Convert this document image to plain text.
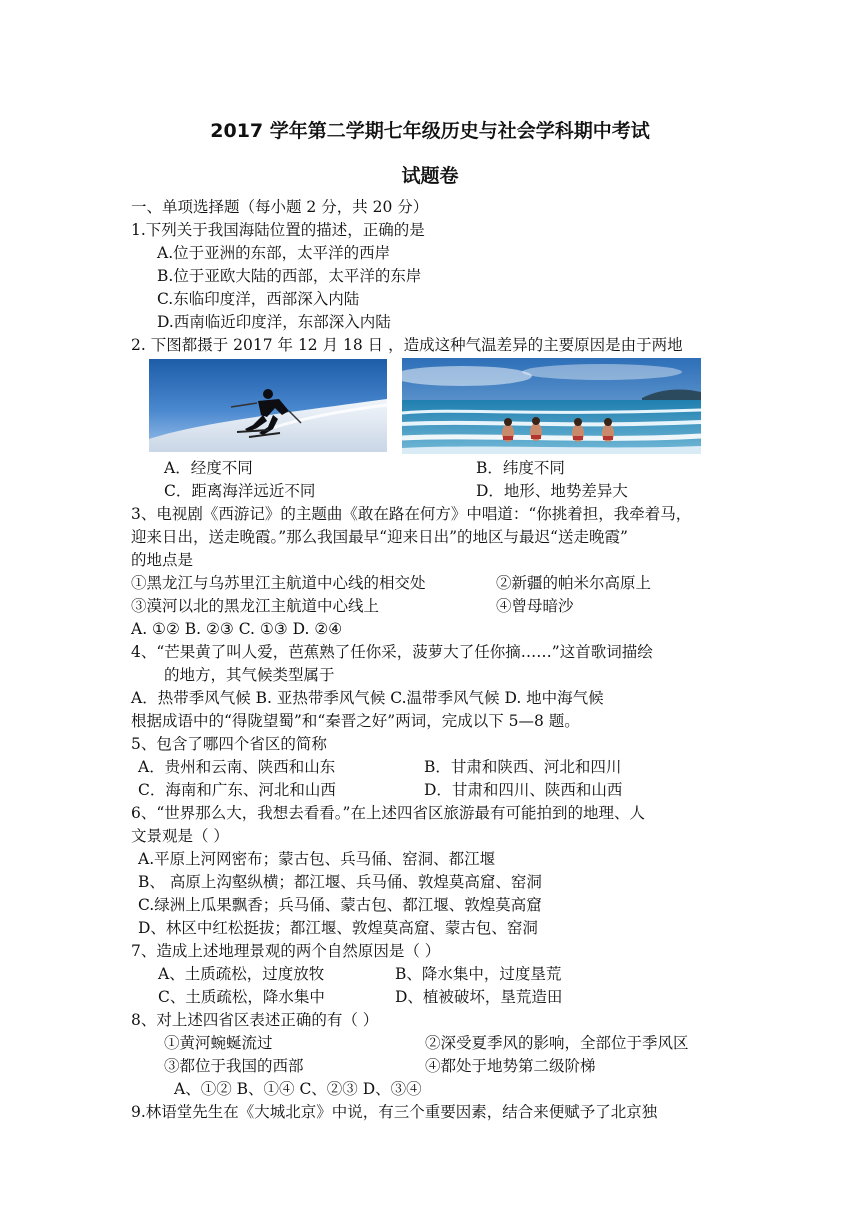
2017 学年第二学期七年级历史与社会学科期中考试
试题卷
一、单项选择题（每小题 2 分，共 20 分）
1.下列关于我国海陆位置的描述，正确的是
A.位于亚洲的东部，太平洋的西岸
B.位于亚欧大陆的西部，太平洋的东岸
C.东临印度洋，西部深入内陆
D.西南临近印度洋，东部深入内陆
2. 下图都摄于 2017 年 12 月 18 日 ，造成这种气温差异的主要原因是由于两地
A．经度不同	B．纬度不同
C．距离海洋远近不同	D．地形、地势差异大
3、电视剧《西游记》的主题曲《敢在路在何方》中唱道：“你挑着担，我牵着马，
迎来日出，送走晚霞。”那么我国最早“迎来日出”的地区与最迟“送走晚霞”
的地点是
①黑龙江与乌苏里江主航道中心线的相交处	②新疆的帕米尔高原上
③漠河以北的黑龙江主航道中心线上	④曾母暗沙
A. ①② B. ②③ C. ①③ D. ②④
4、“芒果黄了叫人爱，芭蕉熟了任你采，菠萝大了任你摘……”这首歌词描绘
的地方，其气候类型属于
A．热带季风气候 B. 亚热带季风气候 C.温带季风气候 D. 地中海气候
根据成语中的“得陇望蜀”和“秦晋之好”两词，完成以下 5—8 题。
5、包含了哪四个省区的简称
A．贵州和云南、陕西和山东	B．甘肃和陕西、河北和四川
C．海南和广东、河北和山西	D．甘肃和四川、陕西和山西
6、“世界那么大，我想去看看。”在上述四省区旅游最有可能拍到的地理、人
文景观是（ ）
A.平原上河网密布；蒙古包、兵马俑、窑洞、都江堰
B、 高原上沟壑纵横；都江堰、兵马俑、敦煌莫高窟、窑洞
C.绿洲上瓜果飘香；兵马俑、蒙古包、都江堰、敦煌莫高窟
D、林区中红松挺拔；都江堰、敦煌莫高窟、蒙古包、窑洞
7、造成上述地理景观的两个自然原因是（ ）
A、土质疏松，过度放牧	B、降水集中，过度垦荒
C、土质疏松，降水集中	D、植被破坏，垦荒造田
8、对上述四省区表述正确的有（ ）
①黄河蜿蜒流过	②深受夏季风的影响，全部位于季风区
③都位于我国的西部	④都处于地势第二级阶梯
A、①② B、①④ C、②③ D、③④
9.林语堂先生在《大城北京》中说，有三个重要因素，结合来便赋予了北京独
